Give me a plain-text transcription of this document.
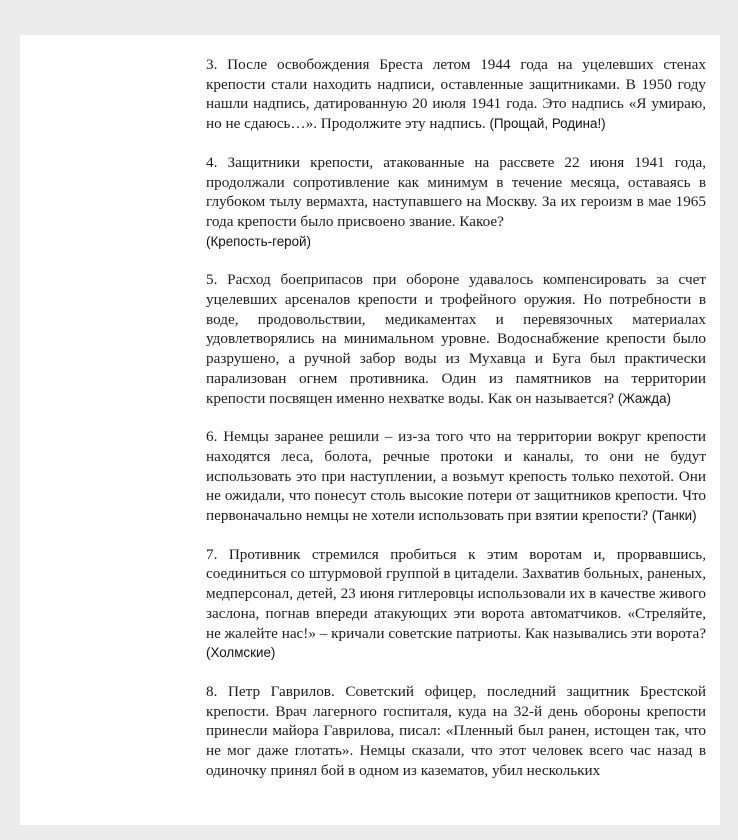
3. После освобождения Бреста летом 1944 года на уцелевших стенах крепости стали находить надписи, оставленные защитниками. В 1950 году нашли надпись, датированную 20 июля 1941 года. Это надпись «Я умираю, но не сдаюсь…». Продолжите эту надпись. (Прощай, Родина!)

4. Защитники крепости, атакованные на рассвете 22 июня 1941 года, продолжали сопротивление как минимум в течение месяца, оставаясь в глубоком тылу вермахта, наступавшего на Москву. За их героизм в мае 1965 года крепости было присвоено звание. Какое?
(Крепость-герой)

5. Расход боеприпасов при обороне удавалось компенсировать за счет уцелевших арсеналов крепости и трофейного оружия. Но потребности в воде, продовольствии, медикаментах и перевязочных материалах удовлетворялись на минимальном уровне. Водоснабжение крепости было разрушено, а ручной забор воды из Мухавца и Буга был практически парализован огнем противника. Один из памятников на территории крепости посвящен именно нехватке воды. Как он называется? (Жажда)

6. Немцы заранее решили – из-за того что на территории вокруг крепости находятся леса, болота, речные протоки и каналы, то они не будут использовать это при наступлении, а возьмут крепость только пехотой. Они не ожидали, что понесут столь высокие потери от защитников крепости. Что первоначально немцы не хотели использовать при взятии крепости? (Танки)

7. Противник стремился пробиться к этим воротам и, прорвавшись, соединиться со штурмовой группой в цитадели. Захватив больных, раненых, медперсонал, детей, 23 июня гитлеровцы использовали их в качестве живого заслона, погнав впереди атакующих эти ворота автоматчиков. «Стреляйте, не жалейте нас!» – кричали советские патриоты. Как назывались эти ворота? (Холмские)

8. Петр Гаврилов. Советский офицер, последний защитник Брестской крепости. Врач лагерного госпиталя, куда на 32-й день обороны крепости принесли майора Гаврилова, писал: «Пленный был ранен, истощен так, что не мог даже глотать». Немцы сказали, что этот человек всего час назад в одиночку принял бой в одном из казематов, убил нескольких
